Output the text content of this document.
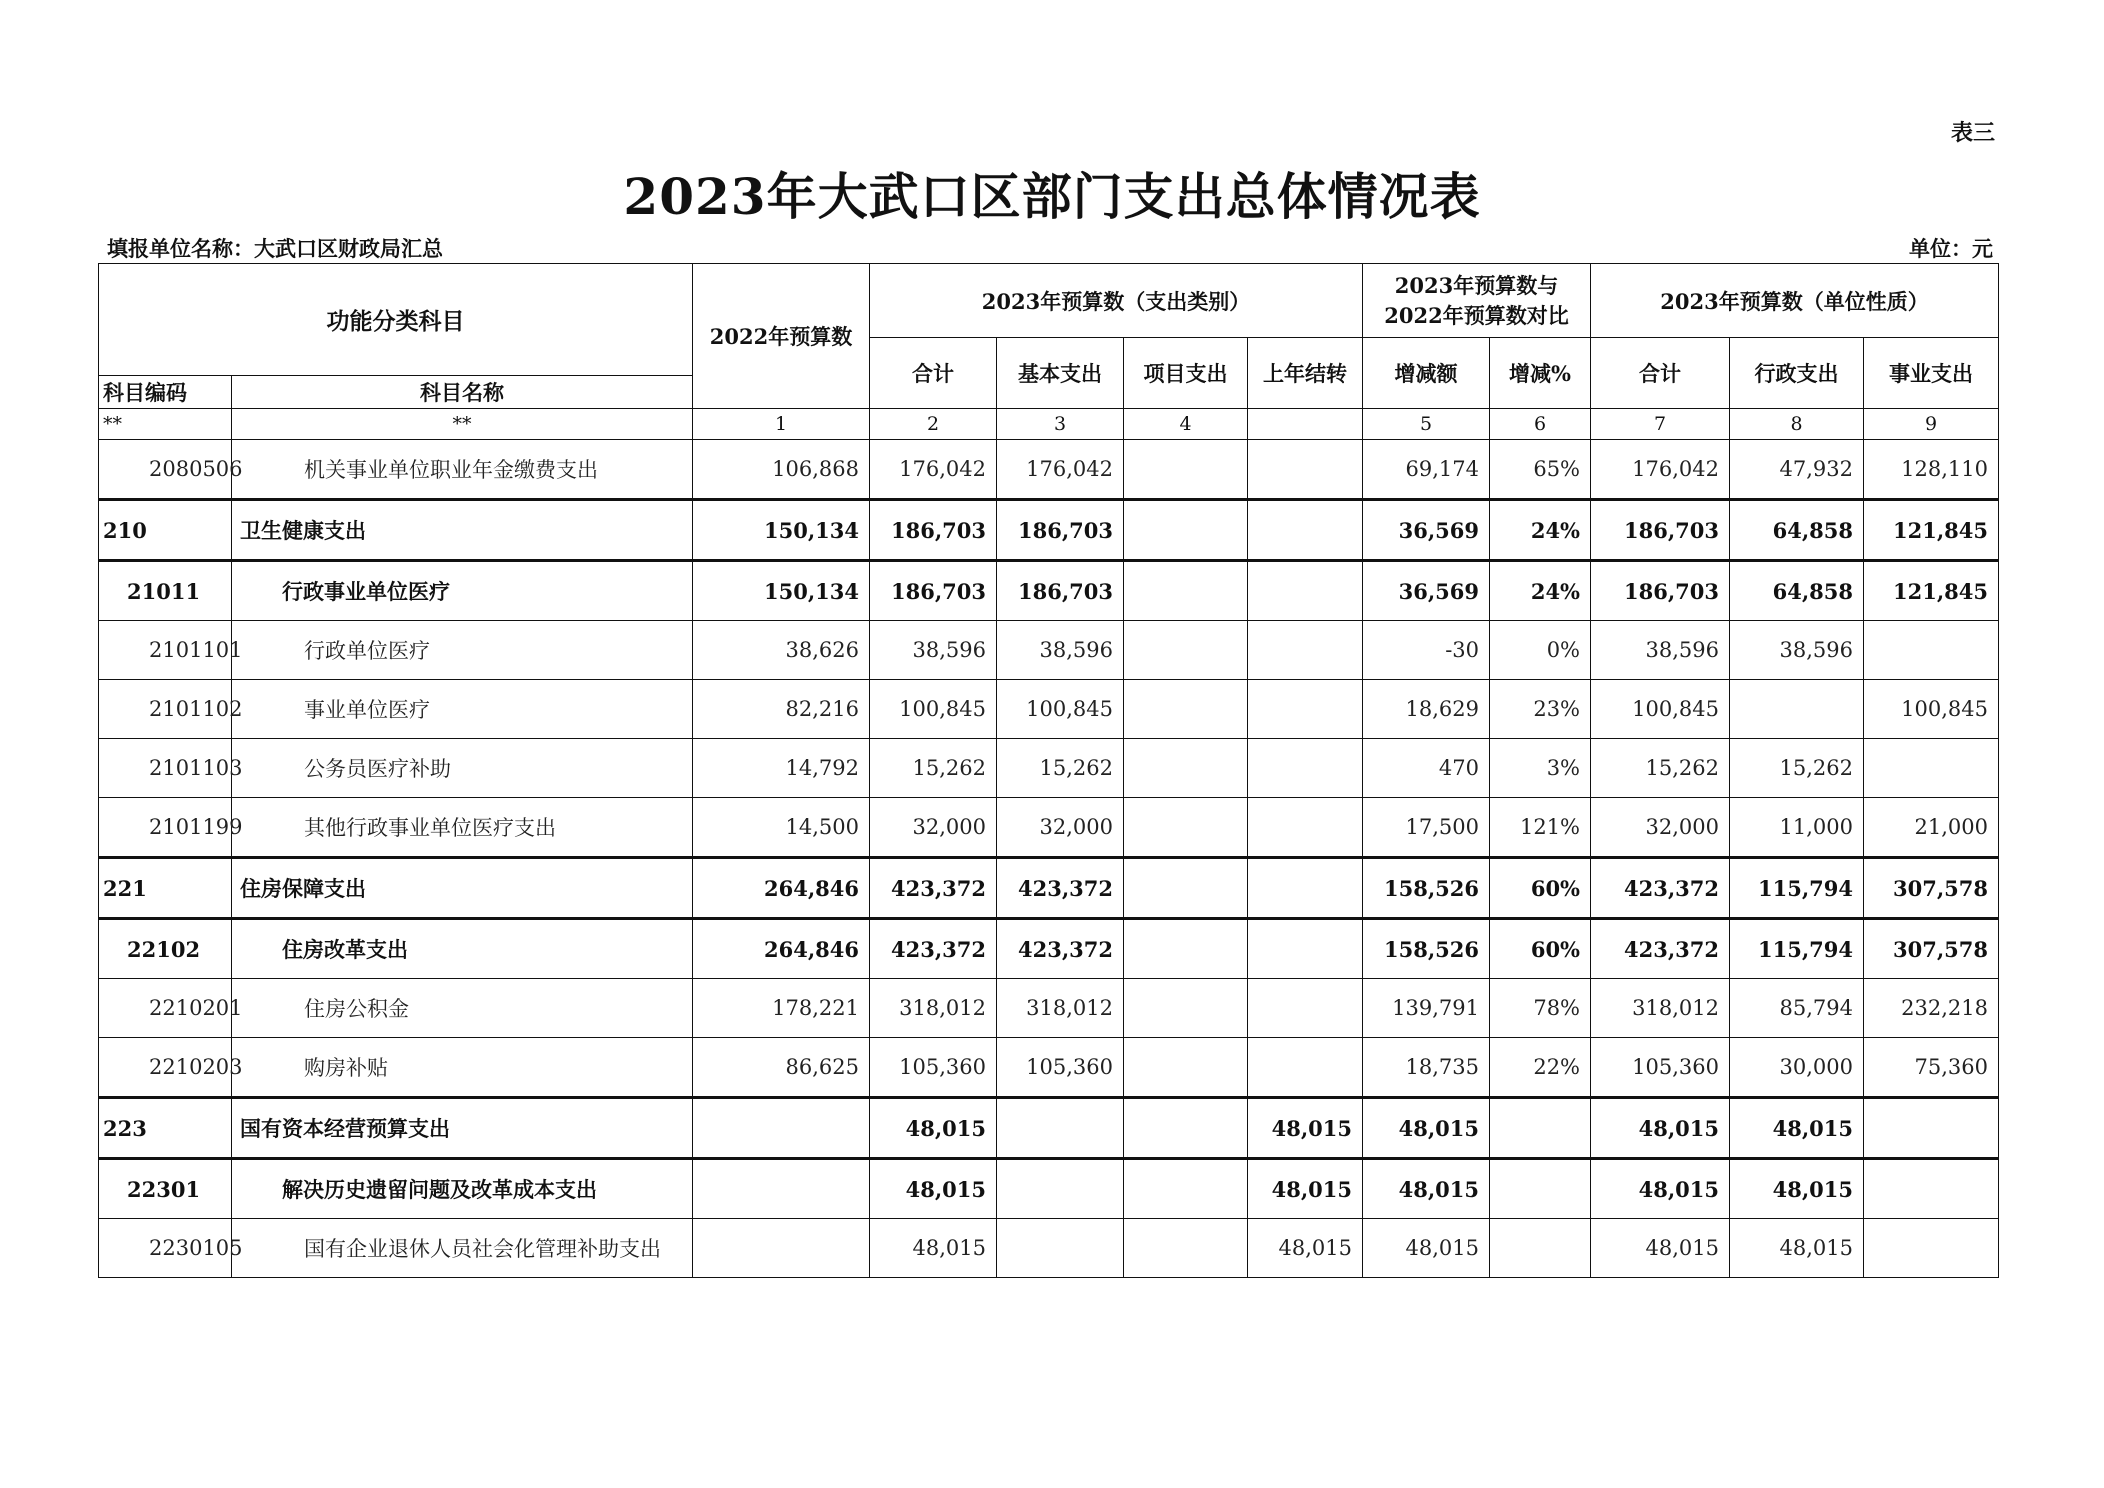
表三
2023年大武口区部门支出总体情况表
填报单位名称：大武口区财政局汇总	单位：元
功能分类科目		2022年预算数	2023年预算数（支出类别）				2023年预算数与2022年预算数对比		2023年预算数（单位性质）		
			合计	基本支出	项目支出	上年结转	增减额	增减%	合计	行政支出	事业支出
科目编码	科目名称										
**	**	1	2	3	4		5	6	7	8	9
2080506	机关事业单位职业年金缴费支出	106,868	176,042	176,042			69,174	65%	176,042	47,932	128,110
210	卫生健康支出	150,134	186,703	186,703			36,569	24%	186,703	64,858	121,845
21011	行政事业单位医疗	150,134	186,703	186,703			36,569	24%	186,703	64,858	121,845
2101101	行政单位医疗	38,626	38,596	38,596			-30	0%	38,596	38,596	
2101102	事业单位医疗	82,216	100,845	100,845			18,629	23%	100,845		100,845
2101103	公务员医疗补助	14,792	15,262	15,262			470	3%	15,262	15,262	
2101199	其他行政事业单位医疗支出	14,500	32,000	32,000			17,500	121%	32,000	11,000	21,000
221	住房保障支出	264,846	423,372	423,372			158,526	60%	423,372	115,794	307,578
22102	住房改革支出	264,846	423,372	423,372			158,526	60%	423,372	115,794	307,578
2210201	住房公积金	178,221	318,012	318,012			139,791	78%	318,012	85,794	232,218
2210203	购房补贴	86,625	105,360	105,360			18,735	22%	105,360	30,000	75,360
223	国有资本经营预算支出		48,015			48,015	48,015		48,015	48,015	
22301	解决历史遗留问题及改革成本支出		48,015			48,015	48,015		48,015	48,015	
2230105	国有企业退休人员社会化管理补助支出		48,015			48,015	48,015		48,015	48,015	
